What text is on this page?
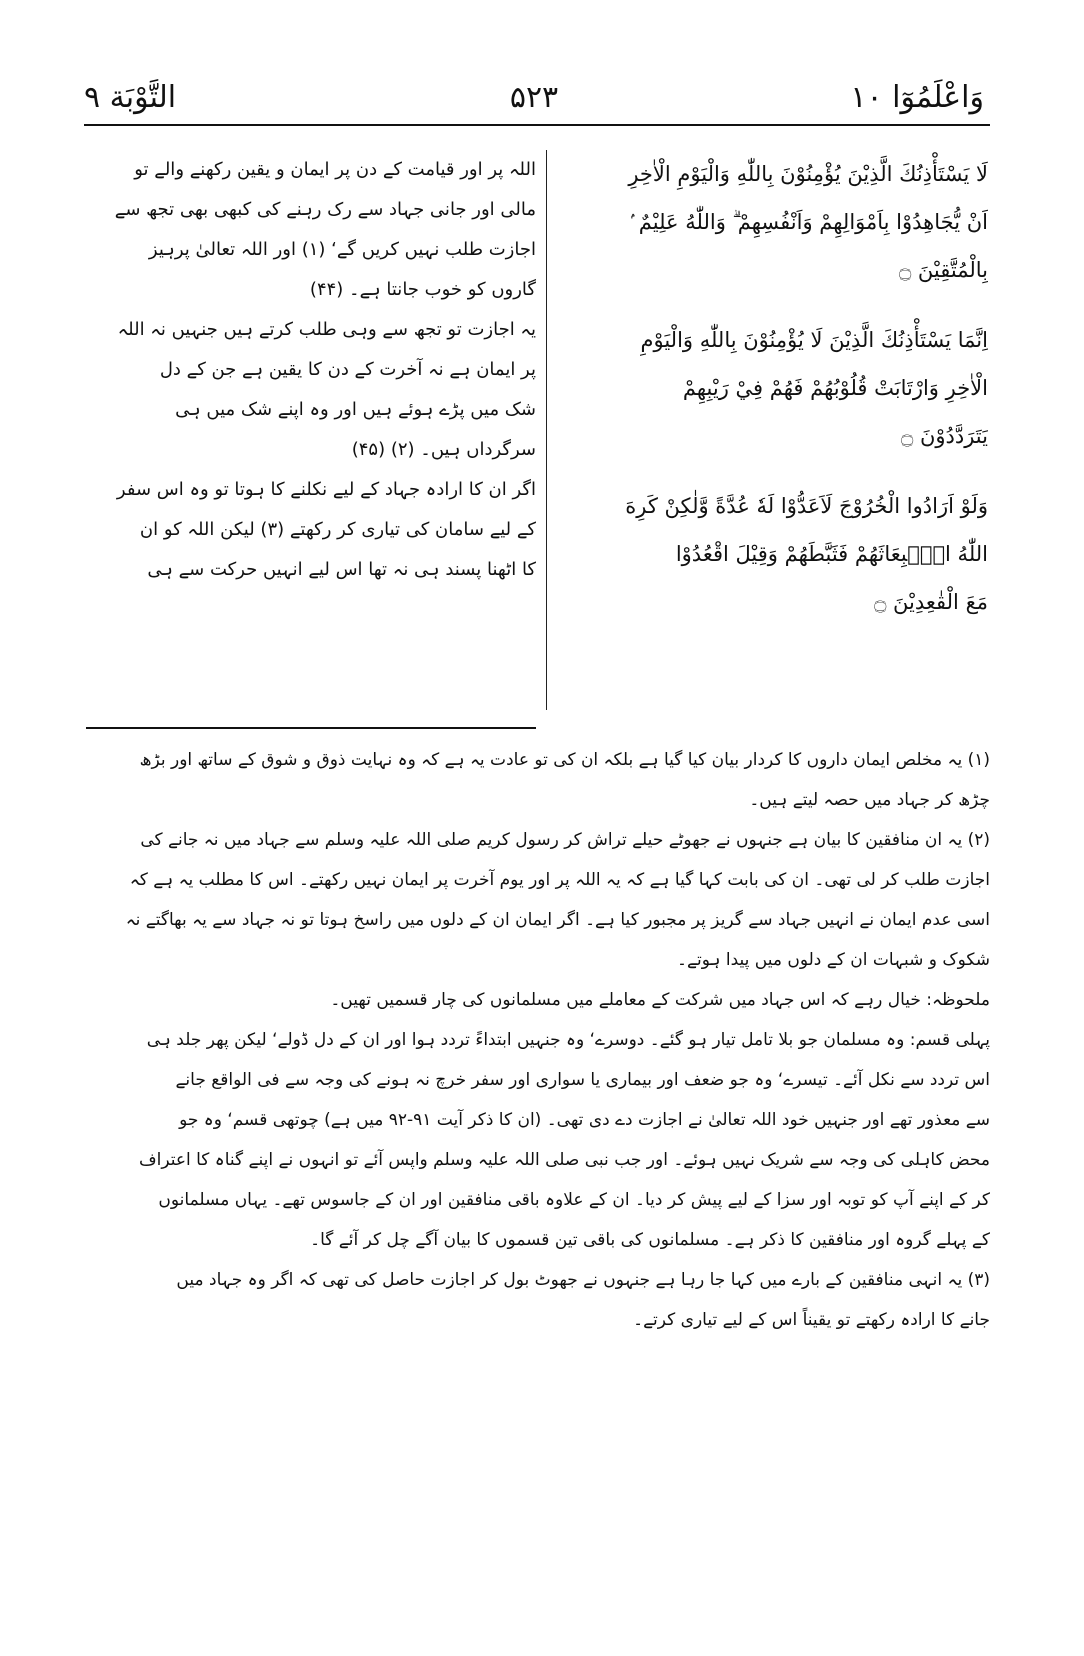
وَاعْلَمُوٓا ١٠
۵۲۳
التَّوْبَة ٩
لَا يَسْتَأْذِنُكَ الَّذِيْنَ يُؤْمِنُوْنَ بِاللّٰهِ وَالْيَوْمِ الْاٰخِرِ
اَنْ يُّجَاهِدُوْا بِاَمْوَالِهِمْ وَاَنْفُسِهِمْ ۗ وَاللّٰهُ عَلِيْمٌ ۢ
بِالْمُتَّقِيْنَ ۝
اِنَّمَا يَسْتَأْذِنُكَ الَّذِيْنَ لَا يُؤْمِنُوْنَ بِاللّٰهِ وَالْيَوْمِ
الْاٰخِرِ وَارْتَابَتْ قُلُوْبُهُمْ فَهُمْ فِيْ رَيْبِهِمْ
يَتَرَدَّدُوْنَ ۝
وَلَوْ اَرَادُوا الْخُرُوْجَ لَاَعَدُّوْا لَهٗ عُدَّةً وَّلٰكِنْ كَرِهَ
اللّٰهُ انْۢبِعَاثَهُمْ فَثَبَّطَهُمْ وَقِيْلَ اقْعُدُوْا
مَعَ الْقٰعِدِيْنَ ۝
اللہ پر اور قیامت کے دن پر ایمان و یقین رکھنے والے تو
مالی اور جانی جہاد سے رک رہنے کی کبھی بھی تجھ سے
اجازت طلب نہیں کریں گے‘ (۱) اور اللہ تعالیٰ پرہیز
گاروں کو خوب جانتا ہے۔ (۴۴)
یہ اجازت تو تجھ سے وہی طلب کرتے ہیں جنہیں نہ اللہ
پر ایمان ہے نہ آخرت کے دن کا یقین ہے جن کے دل
شک میں پڑے ہوئے ہیں اور وہ اپنے شک میں ہی
سرگرداں ہیں۔ (۲) (۴۵)
اگر ان کا ارادہ جہاد کے لیے نکلنے کا ہوتا تو وہ اس سفر
کے لیے سامان کی تیاری کر رکھتے (۳) لیکن اللہ کو ان
کا اٹھنا پسند ہی نہ تھا اس لیے انہیں حرکت سے ہی
(۱) یہ مخلص ایمان داروں کا کردار بیان کیا گیا ہے بلکہ ان کی تو عادت یہ ہے کہ وہ نہایت ذوق و شوق کے ساتھ اور بڑھ
چڑھ کر جہاد میں حصہ لیتے ہیں۔
(۲) یہ ان منافقین کا بیان ہے جنہوں نے جھوٹے حیلے تراش کر رسول کریم صلی اللہ علیہ وسلم سے جہاد میں نہ جانے کی
اجازت طلب کر لی تھی۔ ان کی بابت کہا گیا ہے کہ یہ اللہ پر اور یوم آخرت پر ایمان نہیں رکھتے۔ اس کا مطلب یہ ہے کہ
اسی عدم ایمان نے انہیں جہاد سے گریز پر مجبور کیا ہے۔ اگر ایمان ان کے دلوں میں راسخ ہوتا تو نہ جہاد سے یہ بھاگتے نہ
شکوک و شبہات ان کے دلوں میں پیدا ہوتے۔
ملحوظہ: خیال رہے کہ اس جہاد میں شرکت کے معاملے میں مسلمانوں کی چار قسمیں تھیں۔
پہلی قسم: وہ مسلمان جو بلا تامل تیار ہو گئے۔ دوسرے‘ وہ جنہیں ابتداءً تردد ہوا اور ان کے دل ڈولے‘ لیکن پھر جلد ہی
اس تردد سے نکل آئے۔ تیسرے‘ وہ جو ضعف اور بیماری یا سواری اور سفر خرچ نہ ہونے کی وجہ سے فی الواقع جانے
سے معذور تھے اور جنہیں خود اللہ تعالیٰ نے اجازت دے دی تھی۔ (ان کا ذکر آیت ۹۱-۹۲ میں ہے) چوتھی قسم‘ وہ جو
محض کاہلی کی وجہ سے شریک نہیں ہوئے۔ اور جب نبی صلی اللہ علیہ وسلم واپس آئے تو انہوں نے اپنے گناہ کا اعتراف
کر کے اپنے آپ کو توبہ اور سزا کے لیے پیش کر دیا۔ ان کے علاوہ باقی منافقین اور ان کے جاسوس تھے۔ یہاں مسلمانوں
کے پہلے گروہ اور منافقین کا ذکر ہے۔ مسلمانوں کی باقی تین قسموں کا بیان آگے چل کر آئے گا۔
(۳) یہ انہی منافقین کے بارے میں کہا جا رہا ہے جنہوں نے جھوٹ بول کر اجازت حاصل کی تھی کہ اگر وہ جہاد میں
جانے کا ارادہ رکھتے تو یقیناً اس کے لیے تیاری کرتے۔
